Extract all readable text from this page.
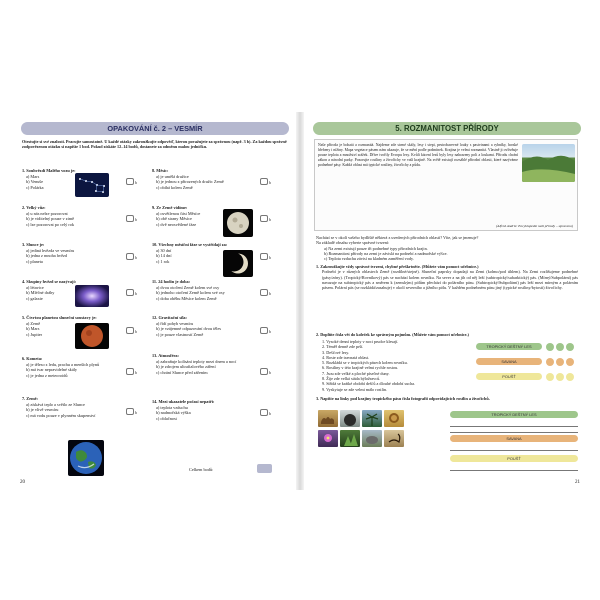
OPAKOVÁNÍ č. 2 – VESMÍR
Otestujte si své znalosti. Pracujte samostatně. U každé otázky zakroužkujte odpověď, kterou považujete za správnou (např. 3 b). Za každou správně zodpovězenou otázku si napište 1 bod. Pokud získáte 12–14 bodů, dostanete za odměnu malou jedničku.
1. Souhvězdí Malého vozu je:
a) Mars
b) Venuše
c) Polárka
2. Velký vůz:
a) u nás nelze pozorovat
b) je viditelný pouze v zimě
c) lze pozorovat po celý rok
3. Slunce je:
a) jediná hvězda ve vesmíru
b) jedna z mnoha hvězd
c) planeta
4. Skupiny hvězd se nazývají:
a) létavice
b) Mléčné dráhy
c) galaxie
5. Čtvrtou planetou sluneční soustavy je:
a) Země
b) Mars
c) Jupiter
6. Kometa:
a) je těleso z ledu, prachu a menších plynů
b) má tvar nepravidelné skály
c) je jedna z meteoroidů
7. Země:
a) získává teplo a světlo ze Slunce
b) je vlivě vesmíru
c) má vodu pouze v plynném skupenství
8. Měsíc:
a) je umělá družice
b) je jednou z přirozených družic Země
c) obíhá kolem Země
9. Ze Země vidíme:
a) osvětlenou část Měsíce
b) obě strany Měsíce
c) dvě neosvětlené fáze
10. Všechny měsíční fáze se vystřídají za:
a) 30 dní
b) 14 dní
c) 1 rok
11. 24 hodin je doba:
a) dvou otočení Země kolem své osy
b) jednoho otočení Země kolem své osy
c) doba oběhu Měsíce kolem Země
12. Gravitační síla:
a) řídí pohyb vesmíru
b) je vzájemné odpuzování dvou těles
c) je pouze vlastností Země
13. Atmosféra:
a) zabraňuje kolísání teploty mezi dnem a nocí
b) je zdrojem ultrafialového záření
c) chrání Slunce před zářením
14. Mezi ukazatele počasí nepatří:
a) teplota vzduchu
b) nadmořská výška
c) oblačnost
b
b
b
b
b
b
b
b
b
b
b
b
b
b
Celkem bodů:
20
5. ROZMANITOST PŘÍRODY
Naše příroda je bohatá a rozmanitá. Najdeme zde strmé skály, lesy i stepi, pestrobarevné louky s pastvinami a rybníky, horské hřebeny i nížiny. Mapa vegetace pásem nám ukazuje, že se mění podle podmínek. Krajina je velmi rozmanitá. Vlastně ji ovlivňuje pouze teplota a množství srážek. Dříve tvořily Evropu lesy. Kvůli kácení lesů byly lesy nahrazeny poli a loukami. Přírodu chrání zákon a národní parky. Pozorujte rostliny a živočichy ve vaší krajině. Na světě existují rozsáhlé přírodní oblasti, které nazýváme podnebné pásy. Každá oblast má typické rostliny, živočichy a půdu.
(Alfred Andrle: Encyklopedie naší přírody – upraveno)
Nachází se v okolí vašeho bydliště některá z uvedených přírodních oblastí? Víte, jak se jmenuje?
Na základě obsahu vyberte správné tvrzení:
a) Na zemi existují pouze tři podnebné typy přírodních krajin.
b) Rozmanitost přírody na zemi je závislá na podnebí a nadmořské výšce.
c) Teplota vzduchu závisí na kladném zaměření vody.
1. Zakroužkujte vždy správné tvrzení, chybné přeškrtněte. (Můžete vám pomoct učebnice.)
Podnebí je v různých oblastech Země (rozdílné/stejné). Sluneční paprsky dopadají na Zemi (kolmo/pod úhlem). Na Zemi rozlišujeme podnebné (pásy/zóny). (Tropický/Rovníkový) pás se nachází kolem rovníku. Na sever a na jih od něj leží (subtropický/subarktický) pás. (Mírný/Subpolární) pás navazuje na subtropický pás a směrem k (zemským) pólům přechází do polárního pásu. (Subtropický/Subpolární) pás leží mezi mírným a polárním pásem. Polární pás (se rozkládá/zasahuje) v okolí severního a jižního pólu. V každém podnebném pásu jiný (typické rostliny/bytosti) živočichy.
2. Doplňte čísla vět do koleček ke správným pojmům. (Můžete vám pomoct učebnice.)
1. Vysoké denní teploty v noci prudce klesají.
2. Téměř denně zde prší.
3. Dešťové lesy.
4. Roste zde travnatá oblast.
5. Rozkládá se v tropických pásech kolem rovníku.
6. Rostliny v této krajině velmi rychle rostou.
7. Jsou zde velké a ploché písečné duny.
8. Žije zde velká stáda býložravců.
9. Střídá se krátké období dešťů a dlouhé období sucha.
9. Vyskytuje se zde velmi málo rostlin.
TROPICKÝ DEŠTNÝ LES
SAVANA
POUŠŤ
3. Napište na linky pod krajiny tropického pásu čísla fotografií odpovídajících rostlin a živočichů.
TROPICKÝ DEŠTNÝ LES
SAVANA
POUŠŤ
21
